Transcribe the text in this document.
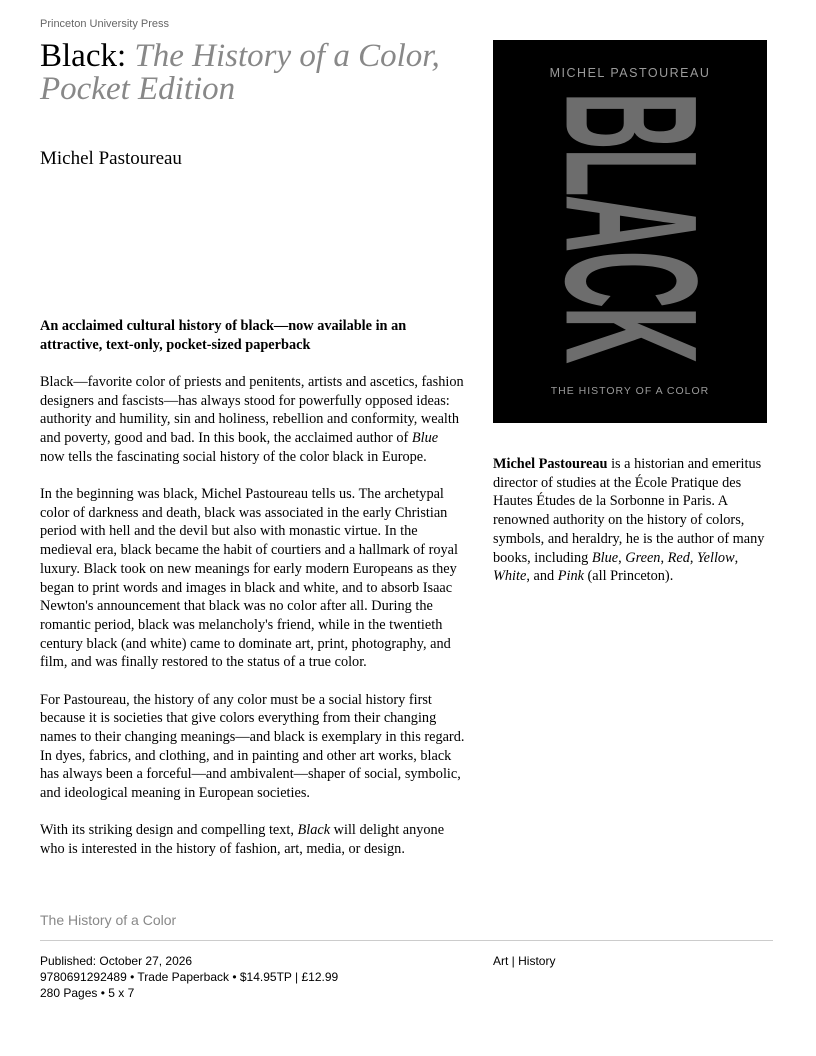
Princeton University Press
Black: The History of a Color, Pocket Edition
Michel Pastoureau
MICHEL PASTOUREAU
BLACK
THE HISTORY OF A COLOR

An acclaimed cultural history of black—now available in an attractive, text-only, pocket-sized paperback

Black—favorite color of priests and penitents, artists and ascetics, fashion designers and fascists—has always stood for powerfully opposed ideas: authority and humility, sin and holiness, rebellion and conformity, wealth and poverty, good and bad. In this book, the acclaimed author of Blue now tells the fascinating social history of the color black in Europe.

In the beginning was black, Michel Pastoureau tells us. The archetypal color of darkness and death, black was associated in the early Christian period with hell and the devil but also with monastic virtue. In the medieval era, black became the habit of courtiers and a hallmark of royal luxury. Black took on new meanings for early modern Europeans as they began to print words and images in black and white, and to absorb Isaac Newton's announcement that black was no color after all. During the romantic period, black was melancholy's friend, while in the twentieth century black (and white) came to dominate art, print, photography, and film, and was finally restored to the status of a true color.

For Pastoureau, the history of any color must be a social history first because it is societies that give colors everything from their changing names to their changing meanings—and black is exemplary in this regard. In dyes, fabrics, and clothing, and in painting and other art works, black has always been a forceful—and ambivalent—shaper of social, symbolic, and ideological meaning in European societies.

With its striking design and compelling text, Black will delight anyone who is interested in the history of fashion, art, media, or design.

Michel Pastoureau is a historian and emeritus director of studies at the École Pratique des Hautes Études de la Sorbonne in Paris. A renowned authority on the history of colors, symbols, and heraldry, he is the author of many books, including Blue, Green, Red, Yellow, White, and Pink (all Princeton).

The History of a Color
Published: October 27, 2026
9780691292489 • Trade Paperback • $14.95TP | £12.99
280 Pages • 5 x 7
Art | History
